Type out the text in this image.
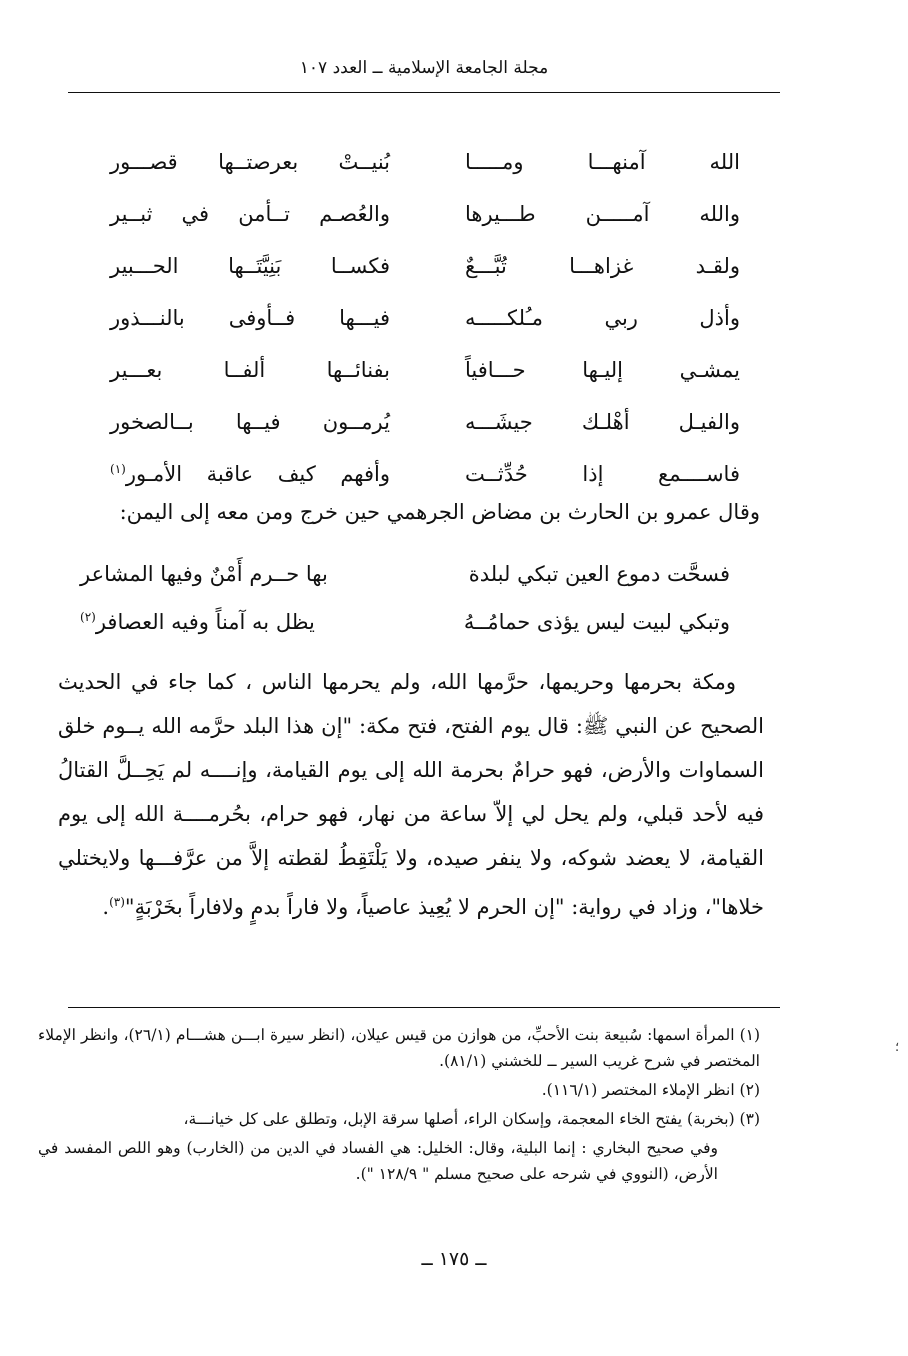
مجلة الجامعة الإسلامية ــ العدد ١٠٧
الله آمنهـــا ومـــــا
بُنيــتْ بعرصتــها قصـــور
والله آمـــــن طـــيرها
والعُصـم تــأمن في ثبــير
ولقـد غزاهـــا تُبَّـــعٌ
فكســا بَنِيَّتَــها الحـــبير
وأذل ربي مـُلكـــــه
فيـــها فــأوفى بالنـــذور
يمشـي إليـها حـــافياً
بفنائــها ألفــا بعـــير
والفيـل أهْلـك جيشَـــه
يُرمــون فيــها بــالصخور
فاســــمع إذا حُدِّثــت
وأفهم كيف عاقبة الأمـور$^{(١)}$
وقال عمرو بن الحارث بن مضاض الجرهمي حين خرج ومن معه إلى اليمن:
فسحَّت دموع العين تبكي لبلدة
بها حــرم أَمْنٌ وفيها المشاعر
وتبكي لبيت ليس يؤذى حمامُــهُ
يظل به آمناً وفيه العصافر$^{(٢)}$

ومكة بحرمها وحريمها، حرَّمها الله، ولم يحرمها الناس ، كما جاء في الحديث الصحيح عن النبي ﷺ: قال يوم الفتح، فتح مكة: "إن هذا البلد حرَّمه الله يــوم خلق السماوات والأرض، فهو حرامٌ بحرمة الله إلى يوم القيامة، وإنــــه لم يَحِــلَّ القتالُ فيه لأحد قبلي، ولم يحل لي إلاّ ساعة من نهار، فهو حرام، بحُرمــــة الله إلى يوم القيامة، لا يعضد شوكه، ولا ينفر صيده، ولا يَلْتَقِطُ لقطته إلاَّ من عرَّفـــها ولايختلي خلاها"، وزاد في رواية: "إن الحرم لا يُعِيذ عاصياً، ولا فاراً بدمٍ ولافاراً بخَرْبَةٍ"$^{(٣)}$.

(١) المرأة اسمها: سُبيعة بنت الأحبِّ، من هوازن من قيس عيلان، (انظر سيرة ابـــن هشـــام (٢٦/١)، وانظر الإملاء المختصر في شرح غريب السير ــ للخشني (٨١/١).

(٢) انظر الإملاء المختصر (١١٦/١).

(٣) (بخربة) يفتح الخاء المعجمة، وإسكان الراء، أصلها سرقة الإبل، وتطلق على كل خيانـــة،

وفي صحيح البخاري : إنما البلية، وقال: الخليل: هي الفساد في الدين من (الخارب) وهو اللص المفسد في الأرض، (النووي في شرحه على صحيح مسلم " ١٢٨/٩ ").

ــ ١٧٥ ــ
؛
